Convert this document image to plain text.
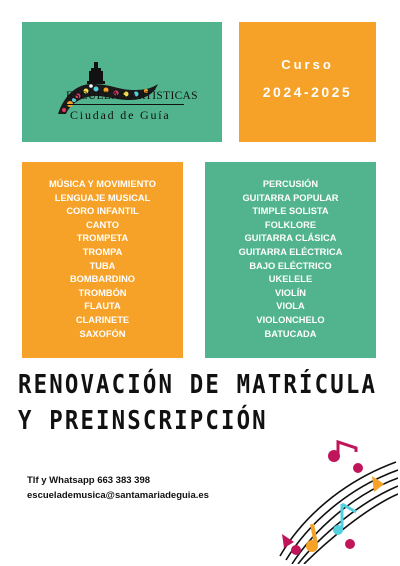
ESCUELAS ARTÍSTICAS
Ciudad de Guía
Curso
2024-2025
MÚSICA Y MOVIMIENTO
LENGUAJE MUSICAL
CORO INFANTIL
CANTO
TROMPETA
TROMPA
TUBA
BOMBARDINO
TROMBÓN
FLAUTA
CLARINETE
SAXOFÓN
PERCUSIÓN
GUITARRA POPULAR
TIMPLE SOLISTA
FOLKLORE
GUITARRA CLÁSICA
GUITARRA ELÉCTRICA
BAJO ELÉCTRICO
UKELELE
VIOLÍN
VIOLA
VIOLONCHELO
BATUCADA
RENOVACIÓN DE MATRÍCULA
Y PREINSCRIPCIÓN
Tlf y Whatsapp 663 383 398
escuelademusica@santamariadeguia.es
